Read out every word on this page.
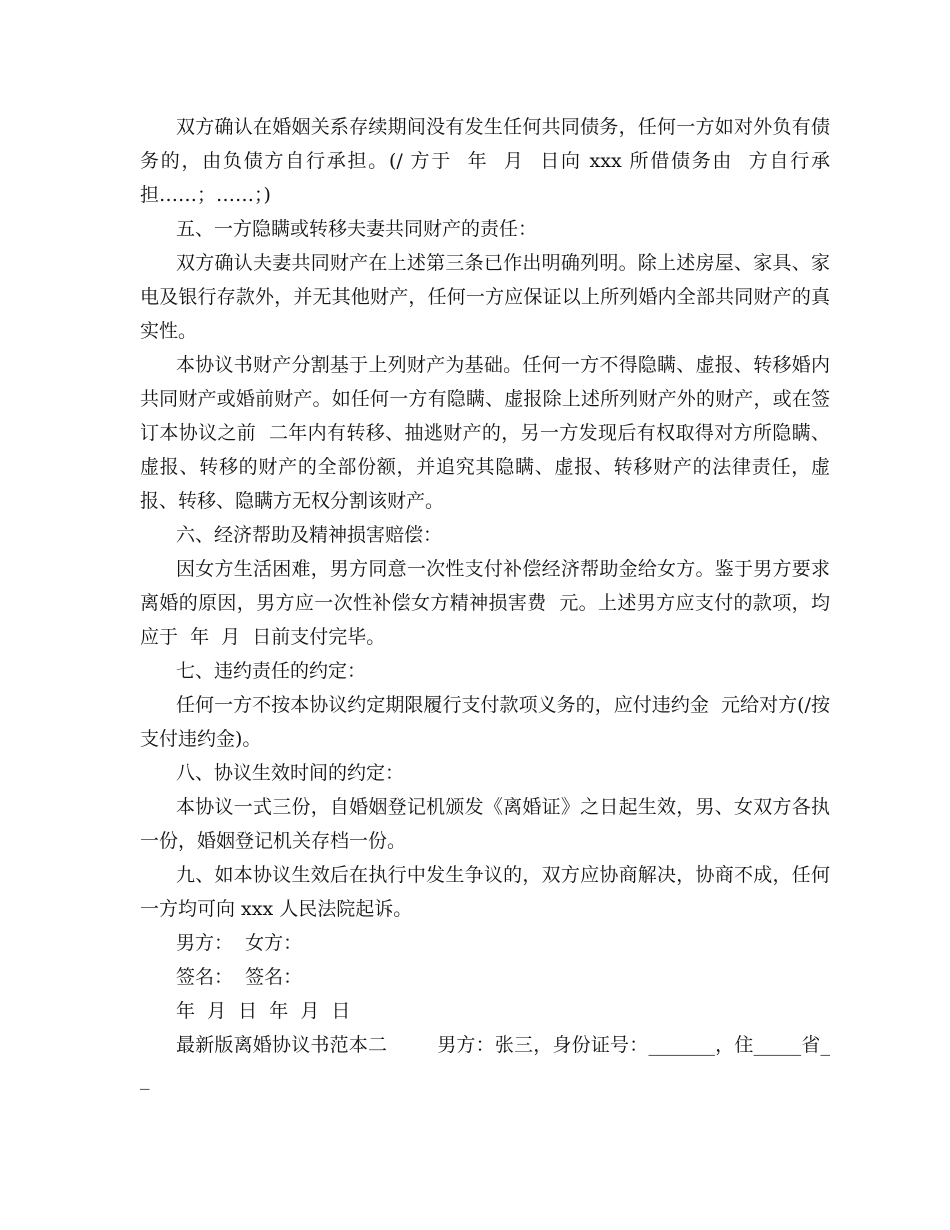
双方确认在婚姻关系存续期间没有发生任何共同债务，任何一方如对外负有债务的，由负债方自行承担。(/ 方于  年  月  日向 xxx 所借债务由  方自行承担……；……；)

五、一方隐瞒或转移夫妻共同财产的责任：

双方确认夫妻共同财产在上述第三条已作出明确列明。除上述房屋、家具、家电及银行存款外，并无其他财产，任何一方应保证以上所列婚内全部共同财产的真实性。

本协议书财产分割基于上列财产为基础。任何一方不得隐瞒、虚报、转移婚内共同财产或婚前财产。如任何一方有隐瞒、虚报除上述所列财产外的财产，或在签订本协议之前  二年内有转移、抽逃财产的，另一方发现后有权取得对方所隐瞒、虚报、转移的财产的全部份额，并追究其隐瞒、虚报、转移财产的法律责任，虚报、转移、隐瞒方无权分割该财产。

六、经济帮助及精神损害赔偿：

因女方生活困难，男方同意一次性支付补偿经济帮助金给女方。鉴于男方要求离婚的原因，男方应一次性补偿女方精神损害费  元。上述男方应支付的款项，均应于  年  月  日前支付完毕。

七、违约责任的约定：

任何一方不按本协议约定期限履行支付款项义务的，应付违约金  元给对方(/按  支付违约金)。

八、协议生效时间的约定：

本协议一式三份，自婚姻登记机颁发《离婚证》之日起生效，男、女双方各执一份，婚姻登记机关存档一份。

九、如本协议生效后在执行中发生争议的，双方应协商解决，协商不成，任何一方均可向 xxx 人民法院起诉。

男方：  女方：

签名：  签名：

年  月  日  年  月  日

最新版离婚协议书范本二        男方：张三，身份证号：_______，住_____省__
